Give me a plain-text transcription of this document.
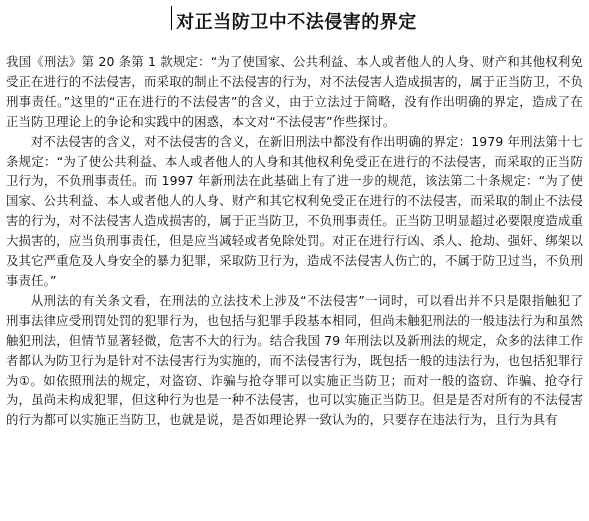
对正当防卫中不法侵害的界定

我国《刑法》第 20 条第 1 款规定：“为了使国家、公共利益、本人或者他人的人身、财产和其他权利免受正在进行的不法侵害，而采取的制止不法侵害的行为，对不法侵害人造成损害的，属于正当防卫，不负刑事责任。”这里的“正在进行的不法侵害”的含义，由于立法过于简略，没有作出明确的界定，造成了在正当防卫理论上的争论和实践中的困惑，本文对“不法侵害”作些探讨。

对不法侵害的含义，对不法侵害的含义，在新旧刑法中都没有作出明确的界定：1979 年刑法第十七条规定：“为了使公共利益、本人或者他人的人身和其他权利免受正在进行的不法侵害，而采取的正当防卫行为，不负刑事责任。而 1997 年新刑法在此基础上有了进一步的规范，该法第二十条规定：“为了使国家、公共利益、本人或者他人的人身、财产和其它权利免受正在进行的不法侵害，而采取的制止不法侵害的行为，对不法侵害人造成损害的，属于正当防卫，不负刑事责任。正当防卫明显超过必要限度造成重大损害的，应当负刑事责任，但是应当减轻或者免除处罚。对正在进行行凶、杀人、抢劫、强奸、绑架以及其它严重危及人身安全的暴力犯罪，采取防卫行为，造成不法侵害人伤亡的，不属于防卫过当，不负刑事责任。”

从刑法的有关条文看，在刑法的立法技术上涉及“不法侵害”一词时，可以看出并不只是限指触犯了刑事法律应受刑罚处罚的犯罪行为，也包括与犯罪手段基本相同，但尚未触犯刑法的一般违法行为和虽然触犯刑法，但情节显著轻微，危害不大的行为。结合我国 79 年刑法以及新刑法的规定，众多的法律工作者都认为防卫行为是针对不法侵害行为实施的，而不法侵害行为，既包括一般的违法行为，也包括犯罪行为①。如依照刑法的规定，对盗窃、诈骗与抢夺罪可以实施正当防卫；而对一般的盗窃、诈骗、抢夺行为，虽尚未构成犯罪，但这种行为也是一种不法侵害，也可以实施正当防卫。但是是否对所有的不法侵害的行为都可以实施正当防卫，也就是说，是否如理论界一致认为的，只要存在违法行为，且行为具有
